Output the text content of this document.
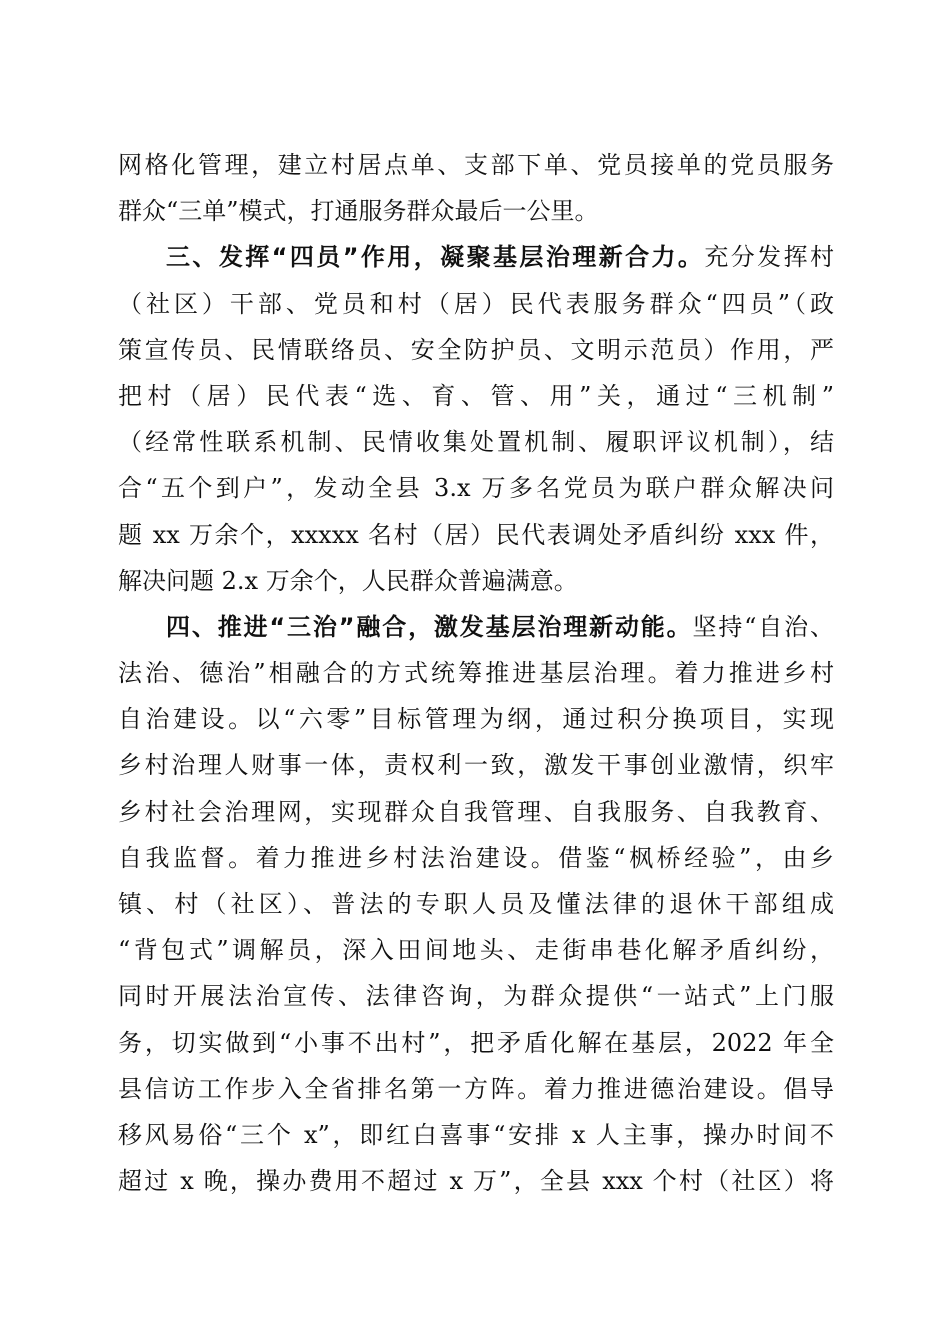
网格化管理，建立村居点单、支部下单、党员接单的党员服务
群众“三单”模式，打通服务群众最后一公里。
三、发挥“四员”作用，凝聚基层治理新合力。充分发挥村
（社区）干部、党员和村（居）民代表服务群众“四员”（政
策宣传员、民情联络员、安全防护员、文明示范员）作用，严
把村（居）民代表“选、育、管、用”关，通过“三机制”
（经常性联系机制、民情收集处置机制、履职评议机制），结
合“五个到户”，发动全县 3.x 万多名党员为联户群众解决问
题 xx 万余个，xxxxx 名村（居）民代表调处矛盾纠纷 xxx 件，
解决问题 2.x 万余个，人民群众普遍满意。
四、推进“三治”融合，激发基层治理新动能。坚持“自治、
法治、德治”相融合的方式统筹推进基层治理。着力推进乡村
自治建设。以“六零”目标管理为纲，通过积分换项目，实现
乡村治理人财事一体，责权利一致，激发干事创业激情，织牢
乡村社会治理网，实现群众自我管理、自我服务、自我教育、
自我监督。着力推进乡村法治建设。借鉴“枫桥经验”，由乡
镇、村（社区）、普法的专职人员及懂法律的退休干部组成
“背包式”调解员，深入田间地头、走街串巷化解矛盾纠纷，
同时开展法治宣传、法律咨询，为群众提供“一站式”上门服
务，切实做到“小事不出村”，把矛盾化解在基层，2022 年全
县信访工作步入全省排名第一方阵。着力推进德治建设。倡导
移风易俗“三个 x”，即红白喜事“安排 x 人主事，操办时间不
超过 x 晚，操办费用不超过 x 万”，全县 xxx 个村（社区）将
